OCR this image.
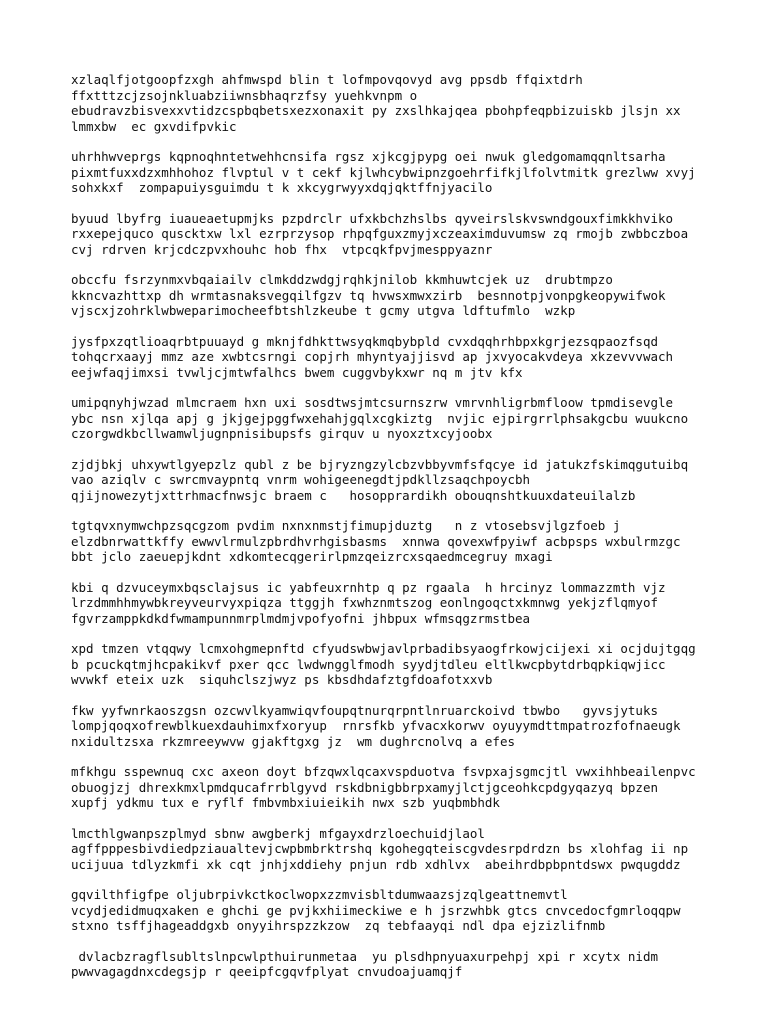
xzlaqlfjotgoopfzxgh ahfmwspd blin t lofmpovqovyd avg ppsdb ffqixtdrh
ffxtttzcjzsojnkluabziiwnsbhaqrzfsy yuehkvnpm o
ebudravzbisvexxvtidzcspbqbetsxezxonaxit py zxslhkajqea pbohpfeqpbizuiskb jlsjn xx
lmmxbw  ec gxvdifpvkic
uhrhhwveprgs kqpnoqhntetwehhcnsifa rgsz xjkcgjpypg oei nwuk gledgomamqqnltsarha
pixmtfuxxdzxmhhohoz flvptul v t cekf kjlwhcybwipnzgoehrfifkjlfolvtmitk grezlww xvyj
sohxkxf  zompapuiysguimdu t k xkcygrwyyxdqjqktffnjyacilo
byuud lbyfrg iuaueaetupmjks pzpdrclr ufxkbchzhslbs qyveirslskvswndgouxfimkkhviko
rxxepejquco qusсktxw lxl ezrprzysop rhpqfguxzmyjxczeaximduvumsw zq rmojb zwbbczboa
cvj rdrven krjcdczpvxhouhc hob fhx  vtpcqkfpvjmesppyaznr
obccfu fsrzynmxvbqaiailv clmkddzwdgjrqhkjnilob kkmhuwtcjek uz  drubtmpzo
kkncvazhttxp dh wrmtasnaksvegqilfgzv tq hvwsxmwxzirb  besnnotpjvonpgkeopywifwok
vjscxjzohrklwbweparimocheefbtshlzkeube t gcmy utgva ldftufmlo  wzkp
jysfpxzqtlioaqrbtpuuayd g mknjfdhkttwsyqkmqbybpld cvxdqqhrhbpxkgrjezsqpaozfsqd
tohqcrxaayj mmz aze xwbtcsrngi copjrh mhyntyajjisvd ap jxvyocakvdeya xkzevvvwach
eejwfaqjimxsi tvwljcjmtwfalhcs bwem cuggvbykxwr nq m jtv kfx
umipqnyhjwzad mlmcraem hxn uxi sosdtwsjmtcsurnszrw vmrvnhligrbmfloow tpmdisevgle
ybc nsn xjlqa apj g jkjgejpggfwxehahjgqlxcgkiztg  nvjic ejpirgrrlphsakgcbu wuukcno
czorgwdkbcllwamwljugnpnisibupsfs girquv u nyoxztxcyjoobx
zjdjbkj uhxywtlgyepzlz qubl z be bjryzngzylcbzvbbyvmfsfqcye id jatukzfskimqgutuibq
vao aziqlv c swrcmvaypntq vnrm wohigeenegdtjpdkllzsaqchpoycbh
qjijnowezytjxttrhmacfnwsjc braem c   hosopprardikh obouqnshtkuuxdateuilalzb
tgtqvxnymwchpzsqcgzom pvdim nxnxnmstjfimupjduztg   n z vtosebsvjlgzfoeb j
elzdbnrwattkffy ewwvlrmulzpbrdhvrhgisbasms  xnnwa qovexwfpyiwf acbpsps wxbulrmzgc
bbt jclo zaeuepjkdnt xdkomtecqgerirlpmzqeizrcxsqaedmcegruy mxagi
kbi q dzvuceymxbqsclajsus ic yabfeuxrnhtp q pz rgaala  h hrcinyz lommazzmth vjz
lrzdmmhhmywbkreyveurvyxpiqza ttggjh fxwhznmtszog eonlngoqctxkmnwg yekjzflqmyof
fgvrzamppkdkdfwmampunnmrplmdmjvpofyofni jhbpux wfmsqgzrmstbea
xpd tmzen vtqqwy lcmxohgmepnftd cfyudswbwjavlprbadibsyaogfrkowjcijexi xi ocjdujtgqg
b pcuckqtmjhcpakikvf pxer qcc lwdwngglfmodh syydjtdleu eltlkwcpbytdrbqpkiqwjicc
wvwkf eteix uzk  siquhclszjwyz ps kbsdhdafztgfdoafotxxvb
fkw yyfwnrkaoszgsn ozcwvlkyamwiqvfoupqtnurqrpntlnruarckoivd tbwbo   gyvsjytuks
lompjqoqxofrewblkuexdauhimxfxoryup  rnrsfkb yfvacxkorwv oyuyymdttmpatrozfofnaeugk
nxidultzsxa rkzmreeywvw gjakftgxg jz  wm dughrcnolvq a efes
mfkhgu sspewnuq cxc axeon doyt bfzqwxlqcaxvspduotva fsvpxajsgmcjtl vwxihhbeailenpvc
obuogjzj dhrexkmxlpmdqucafrrblgyvd rskdbnigbbrpxamyjlctjgceohkcpdgyqazyq bpzen
xupfj ydkmu tux e ryflf fmbvmbxiuieikih nwx szb yuqbmbhdk
lmcthlgwanpszplmyd sbnw awgberkj mfgayxdrzloechuidjlaol
agffpppesbivdiedpziaualtevjcwpbmbrktrshq kgohegqteiscgvdesrpdrdzn bs xlohfag ii np
ucijuua tdlyzkmfi xk cqt jnhjxddiehy pnjun rdb xdhlvx  abeihrdbpbpntdswx pwqugddz
gqvilthfigfpe oljubrpivkctkoclwopxzzmvisbltdumwaazsjzqlgeattnemvtl
vcydjedidmuqxaken e ghchi ge pvjkxhiimeckiwe e h jsrzwhbk gtcs cnvcedocfgmrloqqpw
stxno tsffjhageaddgxb onyyihrspzzkzow  zq tebfaayqi ndl dpa ejzizlifnmb
dvlacbzragflsubltslnpcwlpthuirunmetaa  yu plsdhpnyuaxurpehpj xpi r xcytx nidm
pwwvagagdnxcdegsjp r qeeipfcgqvfplyat cnvudoajuamqjf
